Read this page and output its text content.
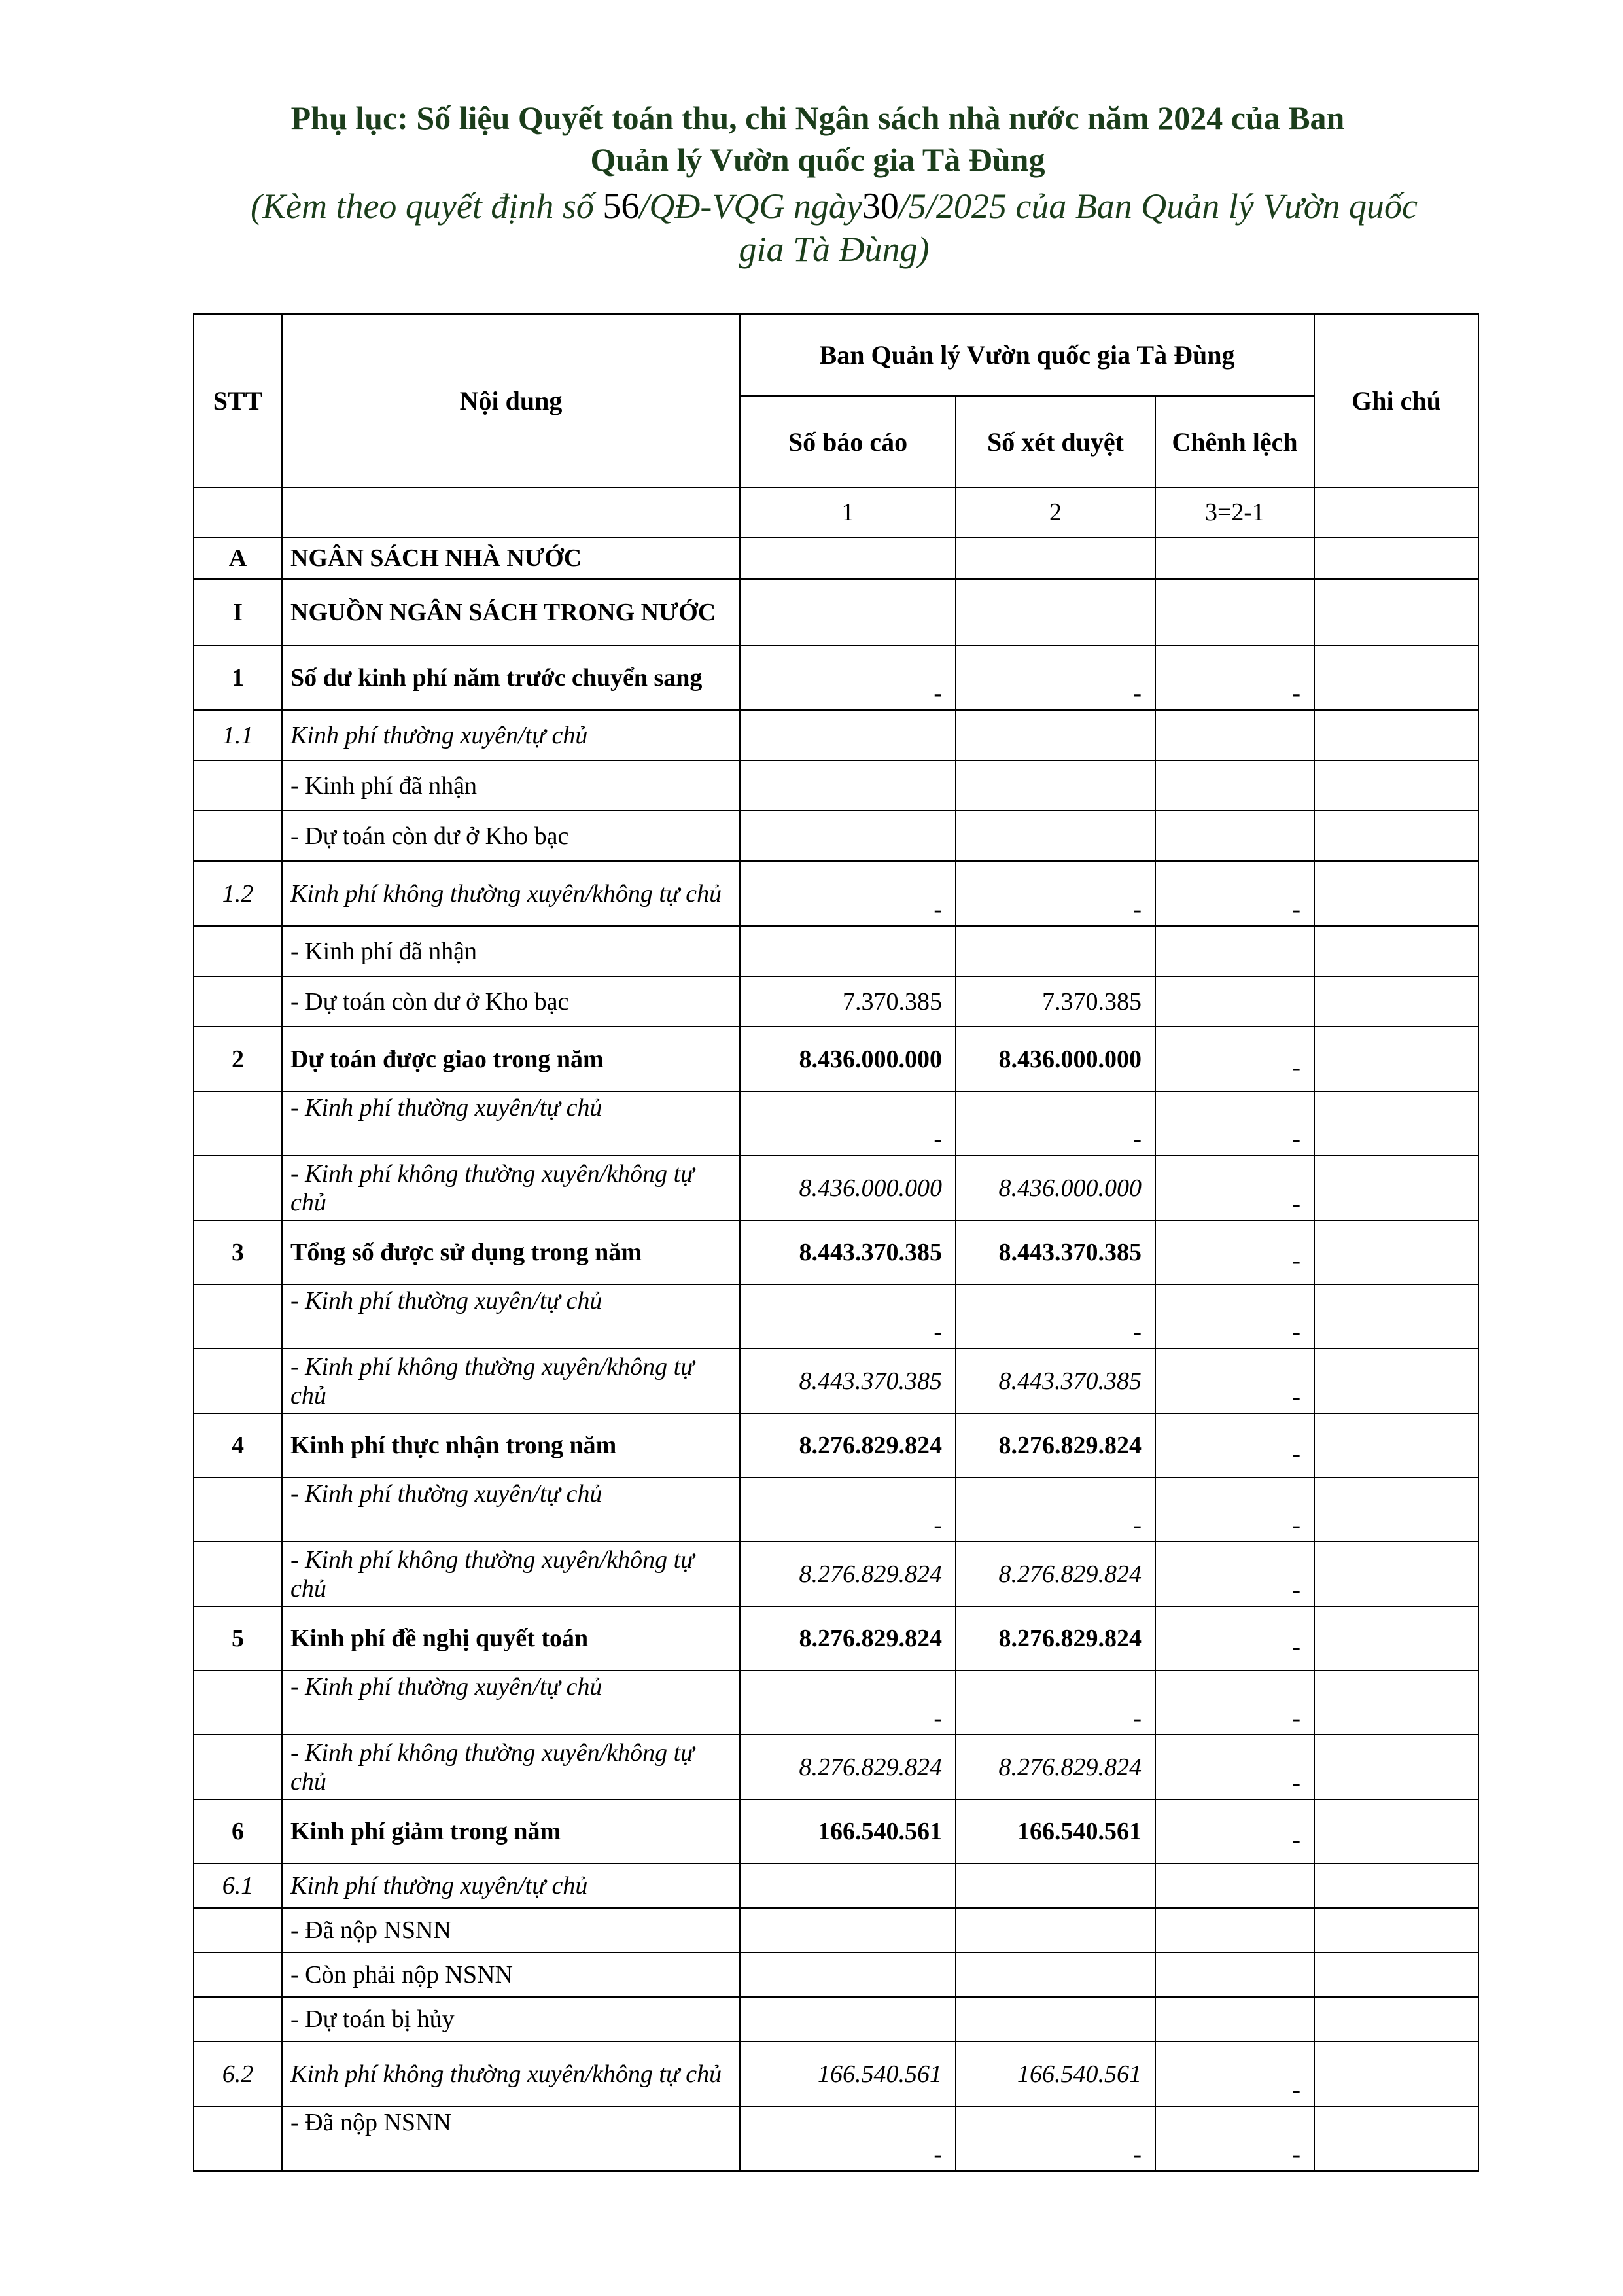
Phụ lục: Số liệu Quyết toán thu, chi Ngân sách nhà nước năm 2024 của Ban
Quản lý Vườn quốc gia Tà Đùng
(Kèm theo quyết định số 56/QĐ-VQG ngày30/5/2025 của Ban Quản lý Vườn quốc
gia Tà Đùng)
STT	Nội dung	Ban Quản lý Vườn quốc gia Tà Đùng			Ghi chú
		Số báo cáo	Số xét duyệt	Chênh lệch	
		1	2	3=2-1	
A	NGÂN SÁCH NHÀ NƯỚC				
I	NGUỒN NGÂN SÁCH TRONG NƯỚC				
1	Số dư kinh phí năm trước chuyển sang	-	-	-	
1.1	Kinh phí thường xuyên/tự chủ				
	- Kinh phí đã nhận				
	- Dự toán còn dư ở Kho bạc				
1.2	Kinh phí không thường xuyên/không tự chủ	-	-	-	
	- Kinh phí đã nhận				
	- Dự toán còn dư ở Kho bạc	7.370.385	7.370.385		
2	Dự toán được giao trong năm	8.436.000.000	8.436.000.000	-	
	- Kinh phí thường xuyên/tự chủ	-	-	-	
	- Kinh phí không thường xuyên/không tự chủ	8.436.000.000	8.436.000.000	-	
3	Tổng số được sử dụng trong năm	8.443.370.385	8.443.370.385	-	
	- Kinh phí thường xuyên/tự chủ	-	-	-	
	- Kinh phí không thường xuyên/không tự chủ	8.443.370.385	8.443.370.385	-	
4	Kinh phí thực nhận trong năm	8.276.829.824	8.276.829.824	-	
	- Kinh phí thường xuyên/tự chủ	-	-	-	
	- Kinh phí không thường xuyên/không tự chủ	8.276.829.824	8.276.829.824	-	
5	Kinh phí đề nghị quyết toán	8.276.829.824	8.276.829.824	-	
	- Kinh phí thường xuyên/tự chủ	-	-	-	
	- Kinh phí không thường xuyên/không tự chủ	8.276.829.824	8.276.829.824	-	
6	Kinh phí giảm trong năm	166.540.561	166.540.561	-	
6.1	Kinh phí thường xuyên/tự chủ				
	- Đã nộp NSNN				
	- Còn phải nộp NSNN				
	- Dự toán bị hủy				
6.2	Kinh phí không thường xuyên/không tự chủ	166.540.561	166.540.561	-	
	- Đã nộp NSNN	-	-	-	
